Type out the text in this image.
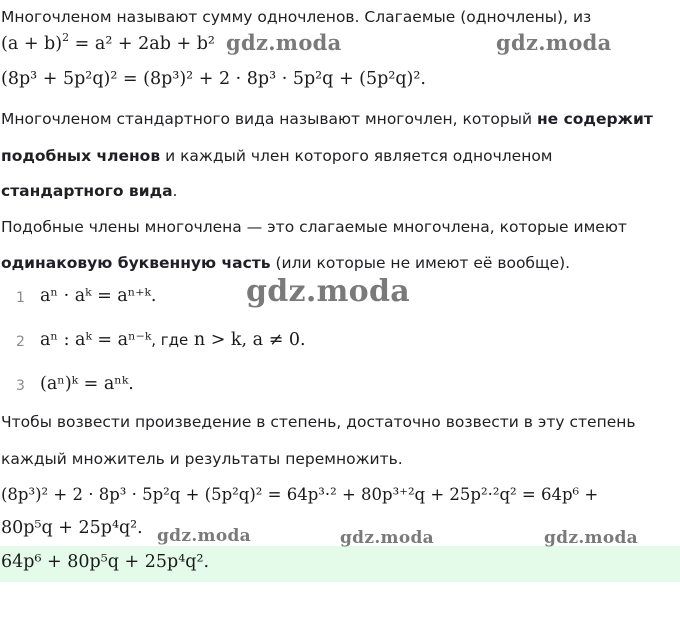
Многочленом называют сумму одночленов. Слагаемые (одночлены), из
$(a + b)^2 = a^2 + 2ab + b^2$
(8p³ + 5p²q)² = (8p³)² + 2 · 8p³ · 5p²q + (5p²q)².
Многочленом стандартного вида называют многочлен, который не содержит
подобных членов и каждый член которого является одночленом
стандартного вида.
Подобные члены многочлена — это слагаемые многочлена, которые имеют
одинаковую буквенную часть (или которые не имеют её вообще).
1 aⁿ · aᵏ = aⁿ⁺ᵏ.
2 aⁿ : aᵏ = aⁿ⁻ᵏ, где n > k, a ≠ 0.
3 (aⁿ)ᵏ = aⁿᵏ.
Чтобы возвести произведение в степень, достаточно возвести в эту степень
каждый множитель и результаты перемножить.
(8p³)² + 2 · 8p³ · 5p²q + (5p²q)² = 64p³·² + 80p³⁺²q + 25p²·²q² = 64p⁶ +
80p⁵q + 25p⁴q².
64p⁶ + 80p⁵q + 25p⁴q².
gdz.moda	gdz.moda
gdz.moda
gdz.moda	gdz.moda	gdz.moda
